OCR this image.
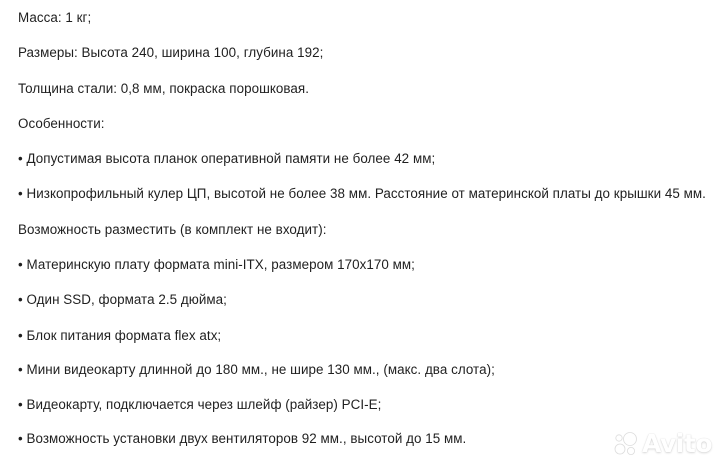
Масса: 1 кг;
Размеры: Высота 240, ширина 100, глубина 192;
Толщина стали: 0,8 мм, покраска порошковая.
Особенности:
• Допустимая высота планок оперативной памяти не более 42 мм;
• Низкопрофильный кулер ЦП, высотой не более 38 мм. Расстояние от материнской платы до крышки 45 мм.
Возможность разместить (в комплект не входит):
• Материнскую плату формата mini-ITX, размером 170x170 мм;
• Один SSD, формата 2.5 дюйма;
• Блок питания формата flex atx;
• Мини видеокарту длинной до 180 мм., не шире 130 мм., (макс. два слота);
• Видеокарту, подключается через шлейф (райзер) PCI-E;
• Возможность установки двух вентиляторов 92 мм., высотой до 15 мм.	Avito
